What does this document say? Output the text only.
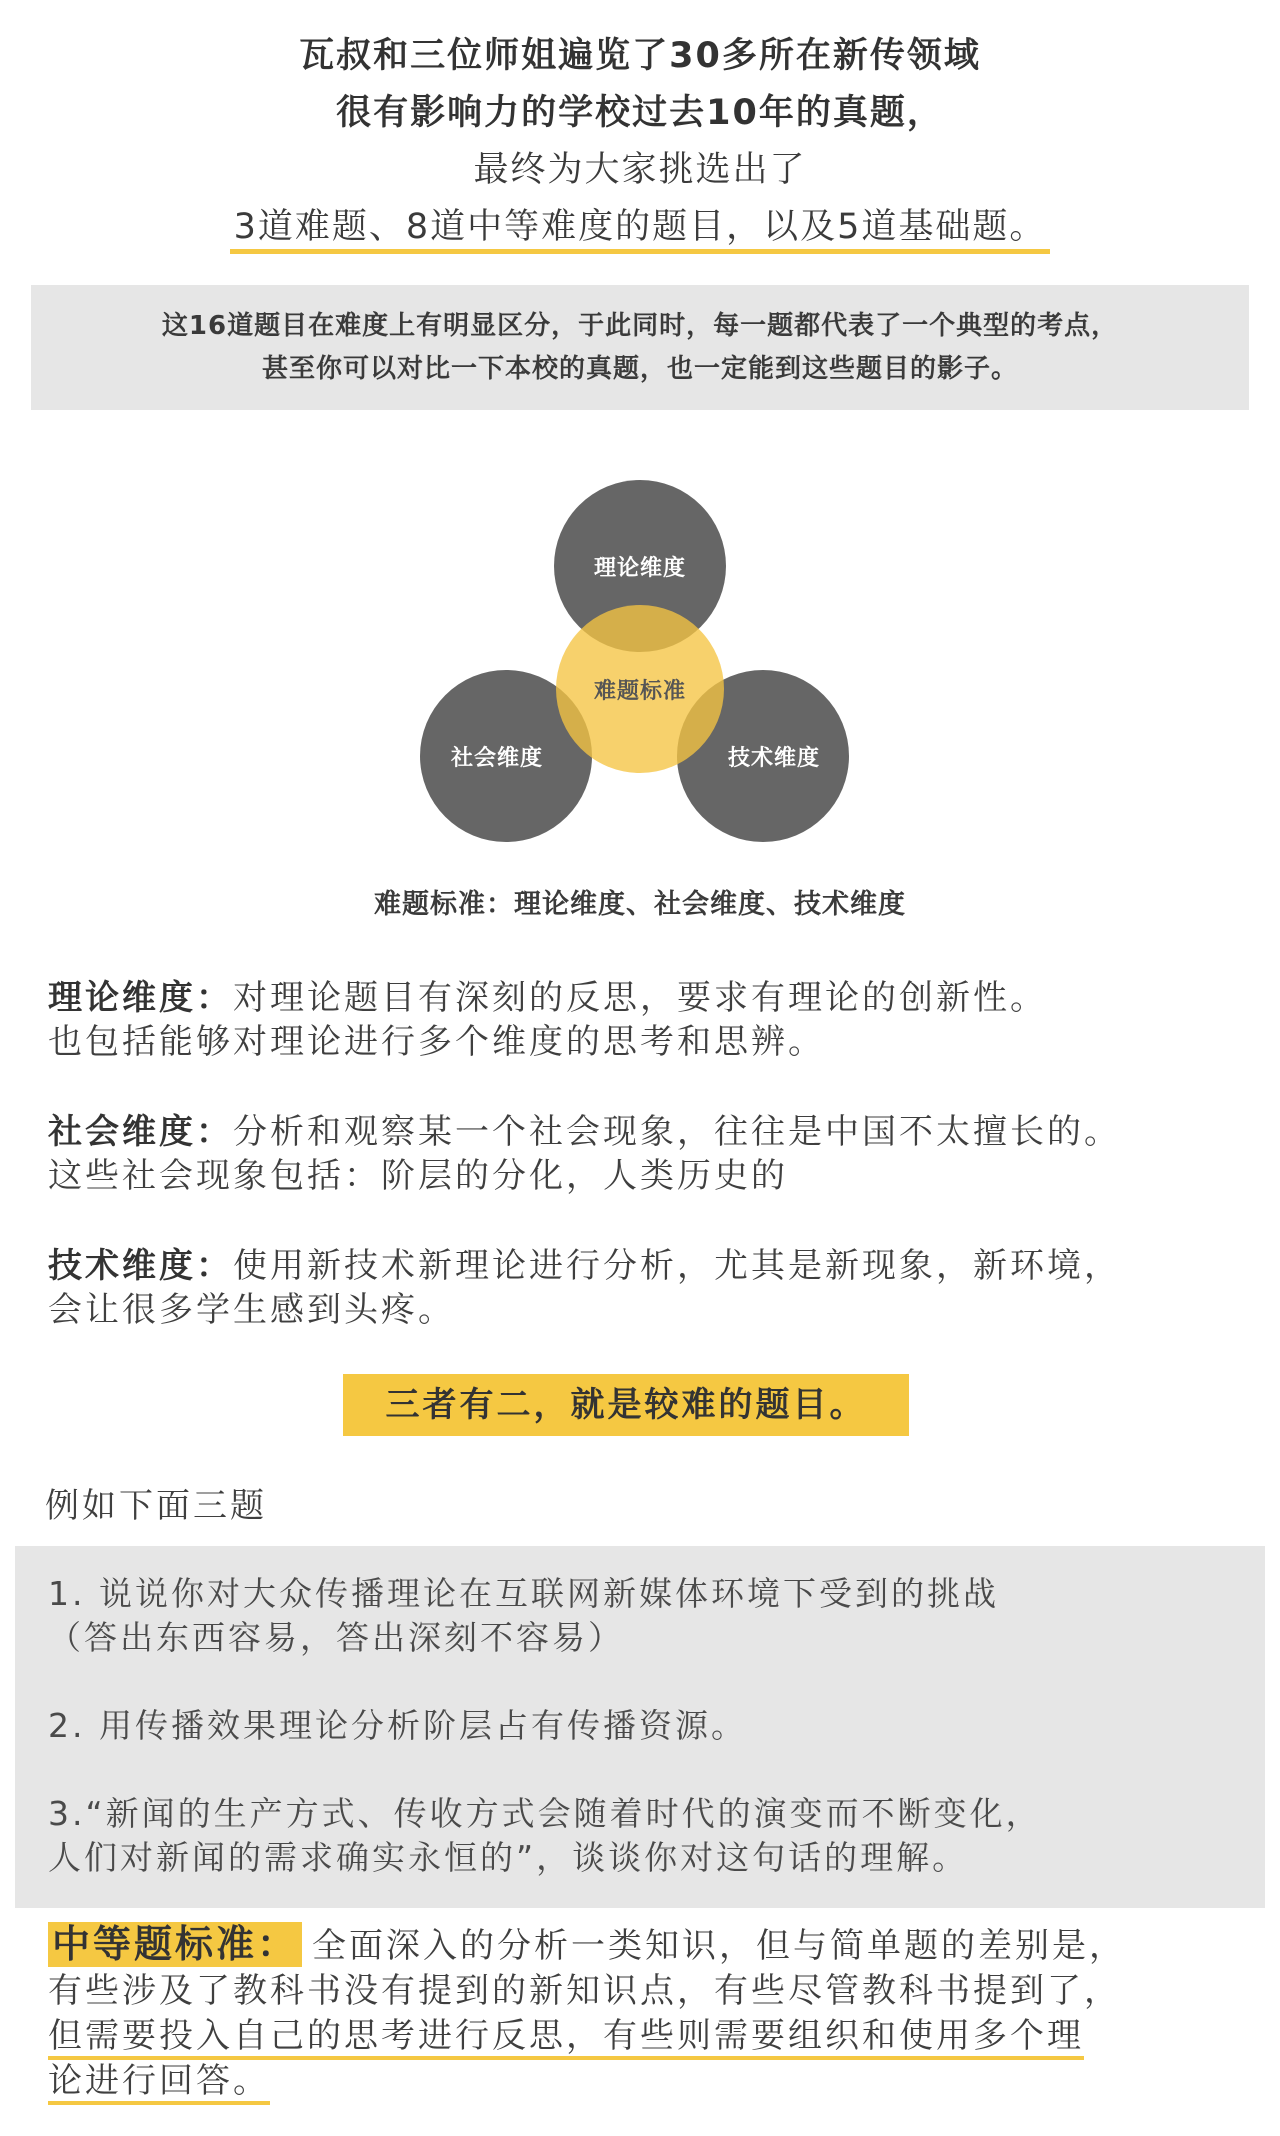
瓦叔和三位师姐遍览了30多所在新传领域
很有影响力的学校过去10年的真题，
最终为大家挑选出了
3道难题、8道中等难度的题目，以及5道基础题。
这16道题目在难度上有明显区分，于此同时，每一题都代表了一个典型的考点，
甚至你可以对比一下本校的真题，也一定能到这些题目的影子。
理论维度
社会维度	技术维度
难题标准
难题标准：理论维度、社会维度、技术维度
理论维度：对理论题目有深刻的反思，要求有理论的创新性。
也包括能够对理论进行多个维度的思考和思辨。
社会维度：分析和观察某一个社会现象，往往是中国不太擅长的。
这些社会现象包括：阶层的分化，人类历史的
技术维度：使用新技术新理论进行分析，尤其是新现象，新环境，
会让很多学生感到头疼。
三者有二，就是较难的题目。
例如下面三题
1. 说说你对大众传播理论在互联网新媒体环境下受到的挑战
（答出东西容易，答出深刻不容易）
2. 用传播效果理论分析阶层占有传播资源。
3.“新闻的生产方式、传收方式会随着时代的演变而不断变化，
人们对新闻的需求确实永恒的”，谈谈你对这句话的理解。
中等题标准： 全面深入的分析一类知识，但与简单题的差别是，
有些涉及了教科书没有提到的新知识点，有些尽管教科书提到了，
但需要投入自己的思考进行反思，有些则需要组织和使用多个理
论进行回答。
